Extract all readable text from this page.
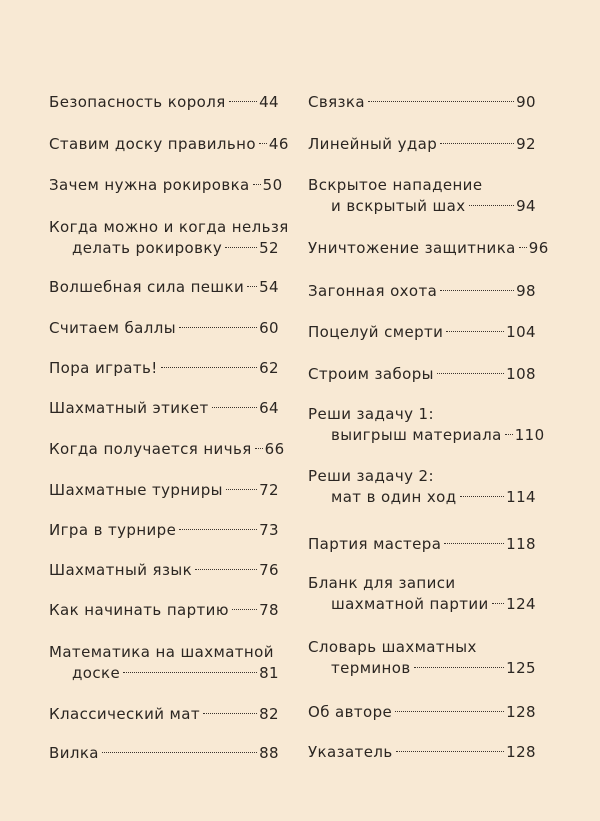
Безопасность короля 44
Ставим доску правильно 46
Зачем нужна рокировка 50
Когда можно и когда нельзя
делать рокировку 52
Волшебная сила пешки 54
Считаем баллы	60
Пора играть!	62
Шахматный этикет	64
Когда получается ничья 66
Шахматные турниры 72
Игра в турнире	73
Шахматный язык	76
Как начинать партию 78
Математика на шахматной
доске	81
Классический мат	82
Вилка	88
Связка	90
Линейный удар	92
Вскрытое нападение
и вскрытый шах	94
Уничтожение защитника 96
Загонная охота	98
Поцелуй смерти	104
Строим заборы	108
Реши задачу 1:
выигрыш материала 110
Реши задачу 2:
мат в один ход	114
Партия мастера	118
Бланк для записи
шахматной партии 124
Словарь шахматных
терминов	125
Об авторе	128
Указатель	128
